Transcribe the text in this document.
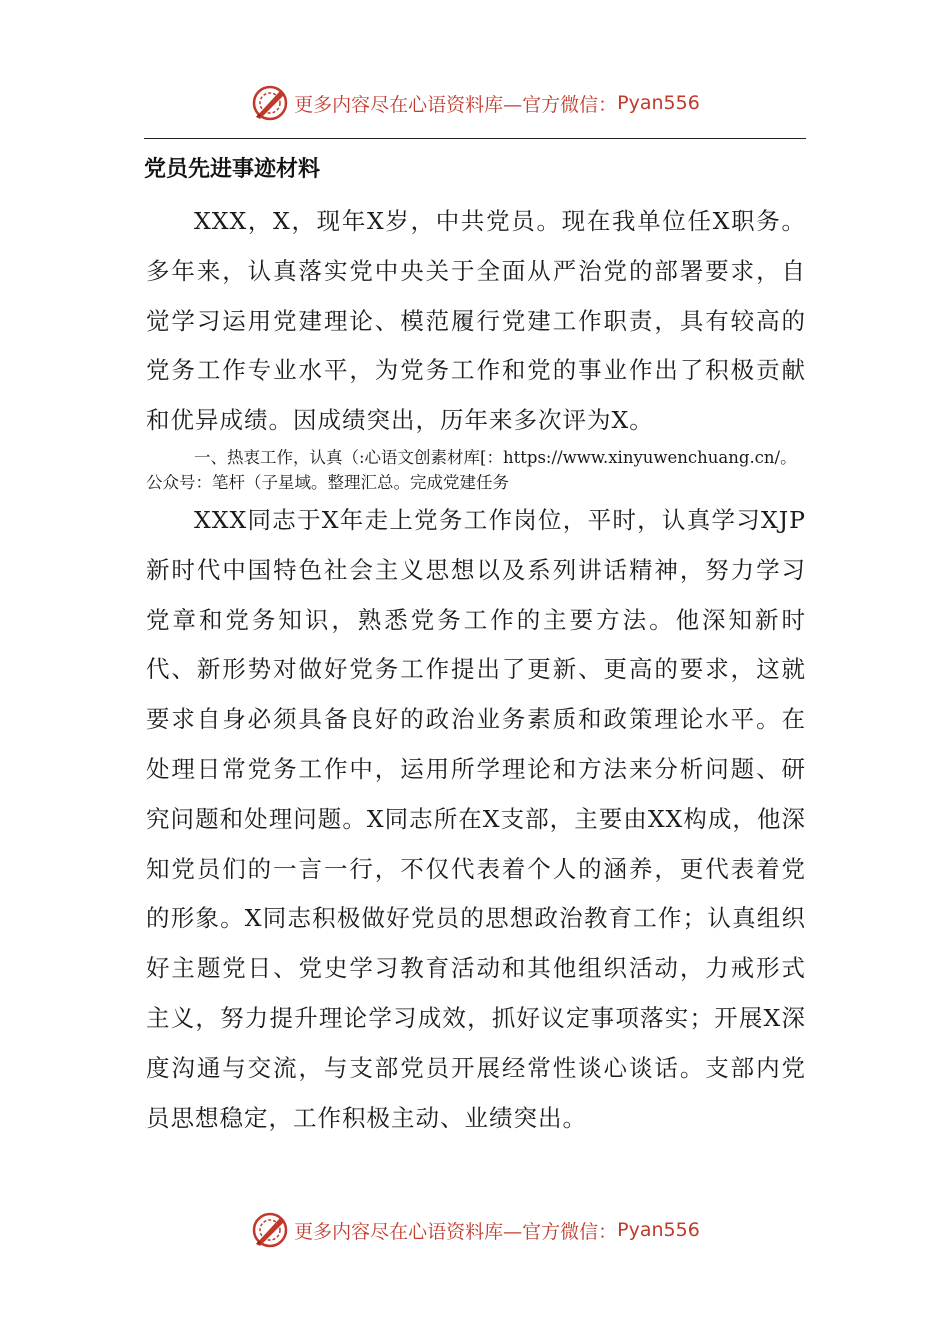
更多内容尽在心语资料库—官方微信： Pyan556
党员先进事迹材料

XXX，X，现年X岁，中共党员。现在我单位任X职务。多年来，认真落实党中央关于全面从严治党的部署要求，自觉学习运用党建理论、模范履行党建工作职责，具有较高的党务工作专业水平，为党务工作和党的事业作出了积极贡献和优异成绩。因成绩突出，历年来多次评为X。

一、热衷工作，认真（:心语文创素材库[：https://www.xinyuwenchuang.cn/。公众号：笔杆（子星域。整理汇总。完成党建任务

XXX同志于X年走上党务工作岗位，平时，认真学习XJP新时代中国特色社会主义思想以及系列讲话精神，努力学习党章和党务知识，熟悉党务工作的主要方法。他深知新时代、新形势对做好党务工作提出了更新、更高的要求，这就要求自身必须具备良好的政治业务素质和政策理论水平。在处理日常党务工作中，运用所学理论和方法来分析问题、研究问题和处理问题。X同志所在X支部，主要由XX构成，他深知党员们的一言一行，不仅代表着个人的涵养，更代表着党的形象。X同志积极做好党员的思想政治教育工作；认真组织好主题党日、党史学习教育活动和其他组织活动，力戒形式主义，努力提升理论学习成效，抓好议定事项落实；开展X深度沟通与交流，与支部党员开展经常性谈心谈话。支部内党员思想稳定，工作积极主动、业绩突出。

更多内容尽在心语资料库—官方微信： Pyan556
